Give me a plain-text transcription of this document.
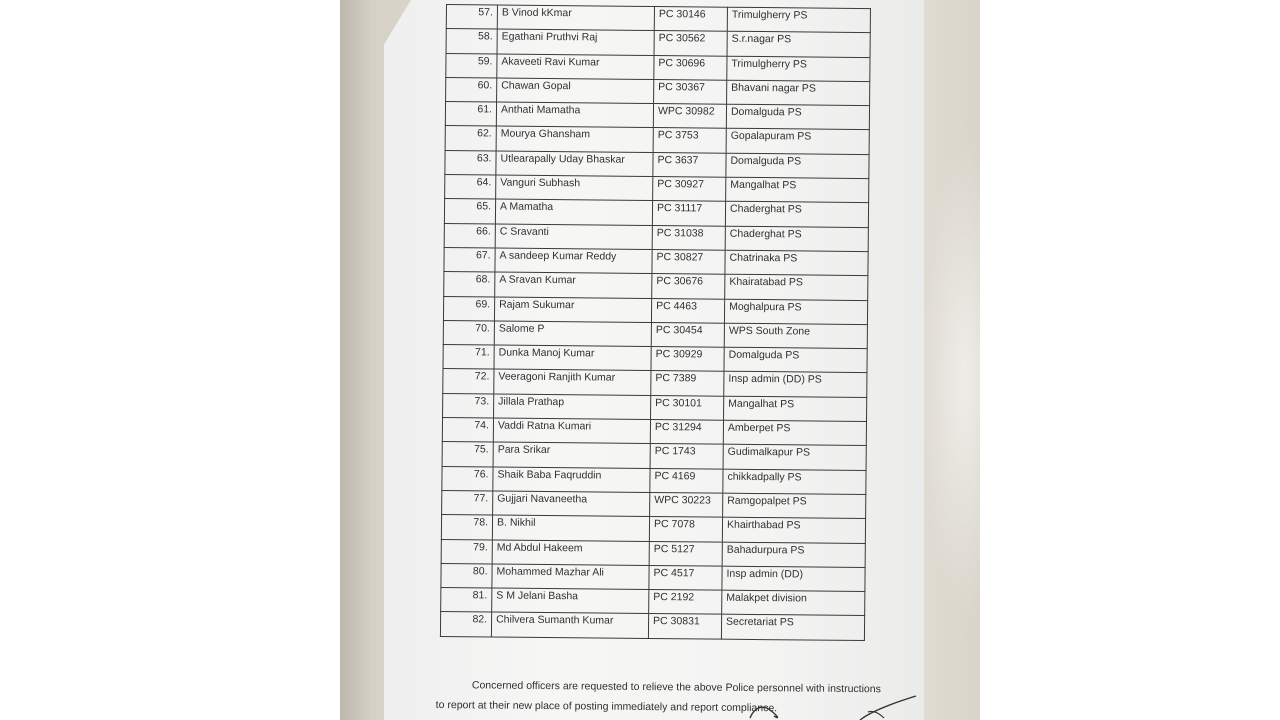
57.	B Vinod kKmar	PC 30146	Trimulgherry PS
58.	Egathani Pruthvi Raj	PC 30562	S.r.nagar PS
59.	Akaveeti Ravi Kumar	PC 30696	Trimulgherry PS
60.	Chawan Gopal	PC 30367	Bhavani nagar PS
61.	Anthati Mamatha	WPC 30982	Domalguda PS
62.	Mourya Ghansham	PC 3753	Gopalapuram PS
63.	Utlearapally Uday Bhaskar	PC 3637	Domalguda PS
64.	Vanguri Subhash	PC 30927	Mangalhat PS
65.	A Mamatha	PC 31117	Chaderghat PS
66.	C Sravanti	PC 31038	Chaderghat PS
67.	A sandeep Kumar Reddy	PC 30827	Chatrinaka PS
68.	A Sravan Kumar	PC 30676	Khairatabad PS
69.	Rajam Sukumar	PC 4463	Moghalpura PS
70.	Salome P	PC 30454	WPS South Zone
71.	Dunka Manoj Kumar	PC 30929	Domalguda PS
72.	Veeragoni Ranjith Kumar	PC 7389	Insp admin (DD) PS
73.	Jillala Prathap	PC 30101	Mangalhat PS
74.	Vaddi Ratna Kumari	PC 31294	Amberpet PS
75.	Para Srikar	PC 1743	Gudimalkapur PS
76.	Shaik Baba Faqruddin	PC 4169	chikkadpally PS
77.	Gujjari Navaneetha	WPC 30223	Ramgopalpet PS
78.	B. Nikhil	PC 7078	Khairthabad PS
79.	Md Abdul Hakeem	PC 5127	Bahadurpura PS
80.	Mohammed Mazhar Ali	PC 4517	Insp admin (DD)
81.	S M Jelani Basha	PC 2192	Malakpet division
82.	Chilvera Sumanth Kumar	PC 30831	Secretariat PS

Concerned officers are requested to relieve the above Police personnel with instructions to report at their new place of posting immediately and report compliance.
